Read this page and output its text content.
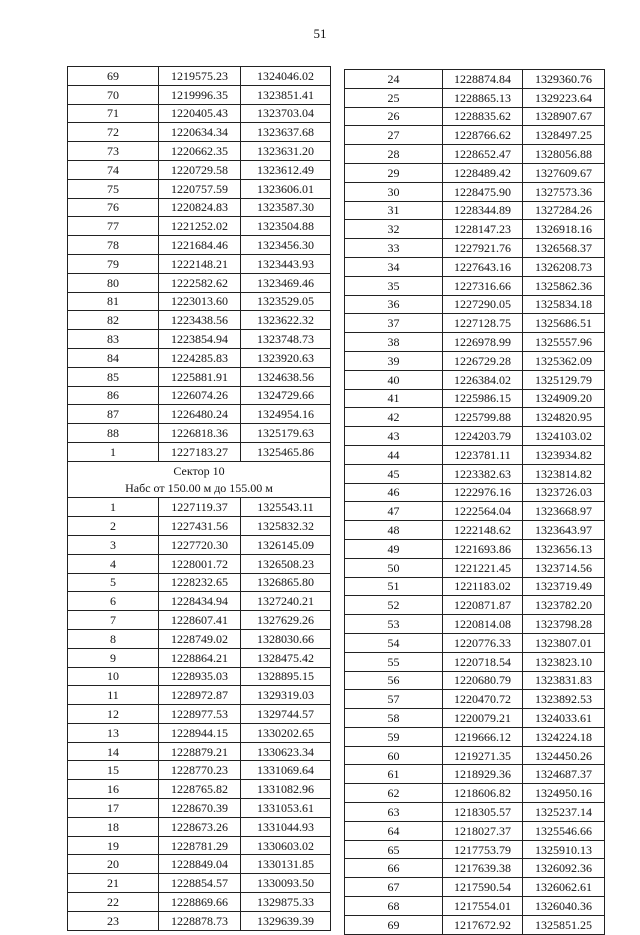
51
69	1219575.23	1324046.02
70	1219996.35	1323851.41
71	1220405.43	1323703.04
72	1220634.34	1323637.68
73	1220662.35	1323631.20
74	1220729.58	1323612.49
75	1220757.59	1323606.01
76	1220824.83	1323587.30
77	1221252.02	1323504.88
78	1221684.46	1323456.30
79	1222148.21	1323443.93
80	1222582.62	1323469.46
81	1223013.60	1323529.05
82	1223438.56	1323622.32
83	1223854.94	1323748.73
84	1224285.83	1323920.63
85	1225881.91	1324638.56
86	1226074.26	1324729.66
87	1226480.24	1324954.16
88	1226818.36	1325179.63
1	1227183.27	1325465.86
Сектор 10		
Набс от 150.00 м до 155.00 м		
1	1227119.37	1325543.11
2	1227431.56	1325832.32
3	1227720.30	1326145.09
4	1228001.72	1326508.23
5	1228232.65	1326865.80
6	1228434.94	1327240.21
7	1228607.41	1327629.26
8	1228749.02	1328030.66
9	1228864.21	1328475.42
10	1228935.03	1328895.15
11	1228972.87	1329319.03
12	1228977.53	1329744.57
13	1228944.15	1330202.65
14	1228879.21	1330623.34
15	1228770.23	1331069.64
16	1228765.82	1331082.96
17	1228670.39	1331053.61
18	1228673.26	1331044.93
19	1228781.29	1330603.02
20	1228849.04	1330131.85
21	1228854.57	1330093.50
22	1228869.66	1329875.33
23	1228878.73	1329639.39
24	1228874.84	1329360.76
25	1228865.13	1329223.64
26	1228835.62	1328907.67
27	1228766.62	1328497.25
28	1228652.47	1328056.88
29	1228489.42	1327609.67
30	1228475.90	1327573.36
31	1228344.89	1327284.26
32	1228147.23	1326918.16
33	1227921.76	1326568.37
34	1227643.16	1326208.73
35	1227316.66	1325862.36
36	1227290.05	1325834.18
37	1227128.75	1325686.51
38	1226978.99	1325557.96
39	1226729.28	1325362.09
40	1226384.02	1325129.79
41	1225986.15	1324909.20
42	1225799.88	1324820.95
43	1224203.79	1324103.02
44	1223781.11	1323934.82
45	1223382.63	1323814.82
46	1222976.16	1323726.03
47	1222564.04	1323668.97
48	1222148.62	1323643.97
49	1221693.86	1323656.13
50	1221221.45	1323714.56
51	1221183.02	1323719.49
52	1220871.87	1323782.20
53	1220814.08	1323798.28
54	1220776.33	1323807.01
55	1220718.54	1323823.10
56	1220680.79	1323831.83
57	1220470.72	1323892.53
58	1220079.21	1324033.61
59	1219666.12	1324224.18
60	1219271.35	1324450.26
61	1218929.36	1324687.37
62	1218606.82	1324950.16
63	1218305.57	1325237.14
64	1218027.37	1325546.66
65	1217753.79	1325910.13
66	1217639.38	1326092.36
67	1217590.54	1326062.61
68	1217554.01	1326040.36
69	1217672.92	1325851.25
